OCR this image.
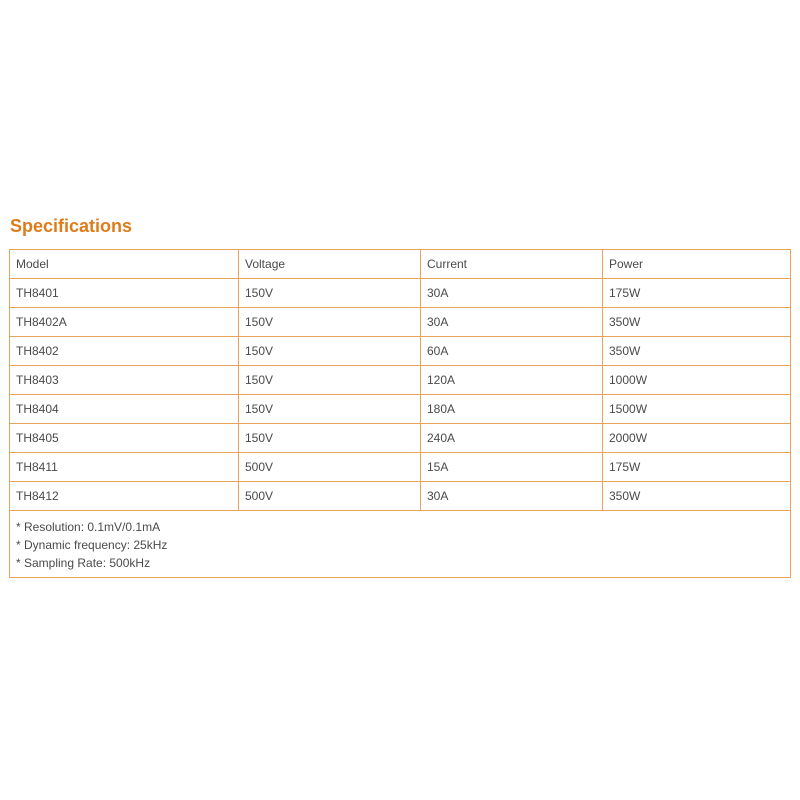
Specifications
Model	Voltage	Current	Power
TH8401	150V	30A	175W
TH8402A	150V	30A	350W
TH8402	150V	60A	350W
TH8403	150V	120A	1000W
TH8404	150V	180A	1500W
TH8405	150V	240A	2000W
TH8411	500V	15A	175W
TH8412	500V	30A	350W

* Resolution: 0.1mV/0.1mA
* Dynamic frequency: 25kHz
* Sampling Rate: 500kHz			
